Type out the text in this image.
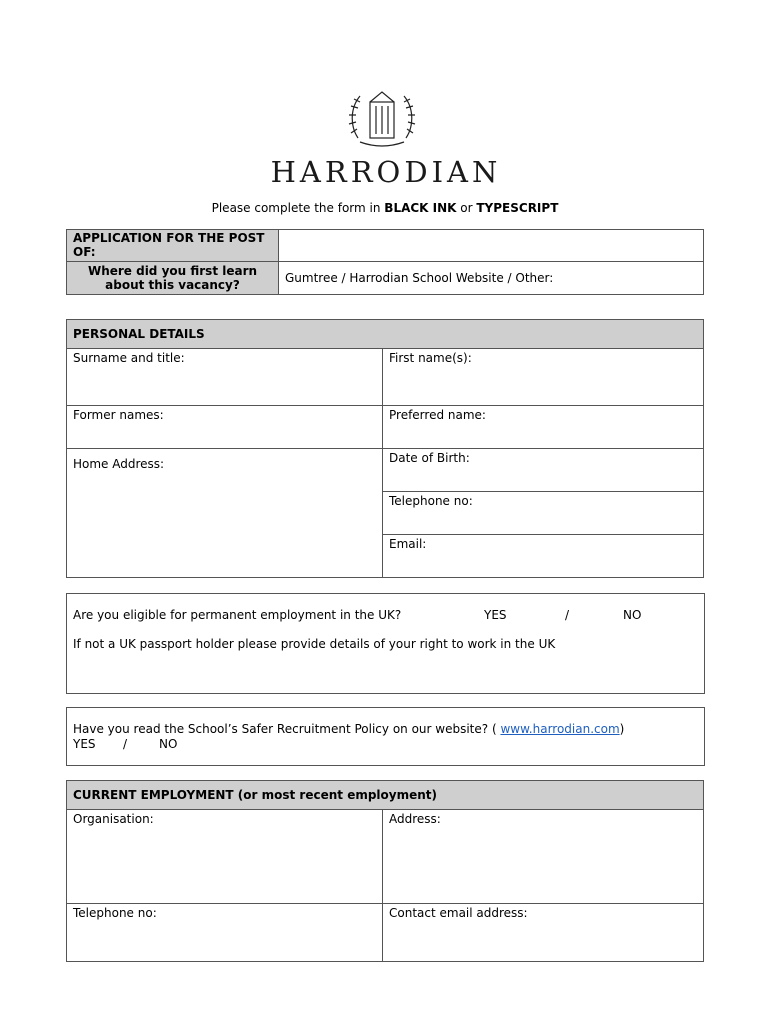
HARRODIAN
Please complete the form in BLACK INK or TYPESCRIPT
APPLICATION FOR THE POST OF:	
Where did you first learn about this vacancy?	Gumtree / Harrodian School Website / Other:
PERSONAL DETAILS	
Surname and title:	First name(s):
Former names:	Preferred name:
Home Address:	Date of Birth:
	Telephone no:
	Email:
Are you eligible for permanent employment in the UK?	YES	/	NO
If not a UK passport holder please provide details of your right to work in the UK
Have you read the School’s Safer Recruitment Policy on our website? ( www.harrodian.com)
YES /	NO
CURRENT EMPLOYMENT (or most recent employment)	
Organisation:	Address:
Telephone no:	Contact email address:
